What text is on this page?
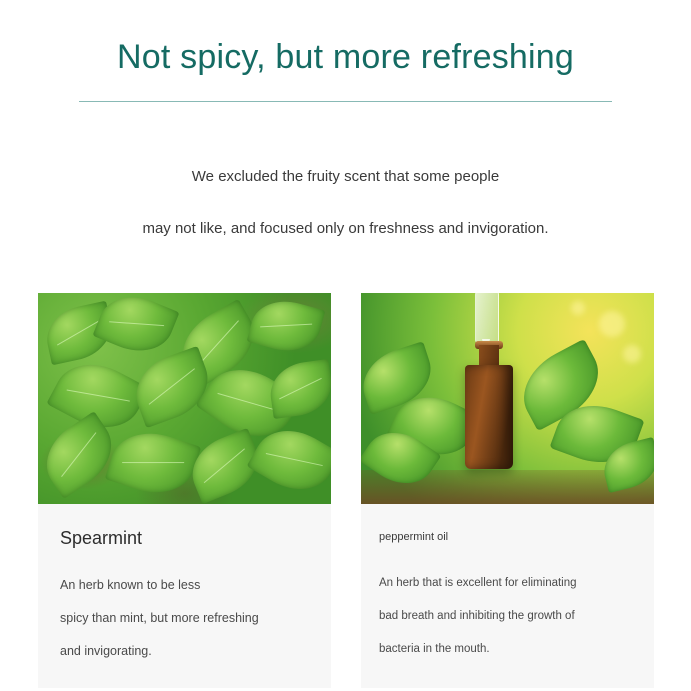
Not spicy, but more refreshing

We excluded the fruity scent that some people

may not like, and focused only on freshness and invigoration.

Spearmint
An herb known to be less
spicy than mint, but more refreshing
and invigorating.
peppermint oil
An herb that is excellent for eliminating
bad breath and inhibiting the growth of
bacteria in the mouth.
